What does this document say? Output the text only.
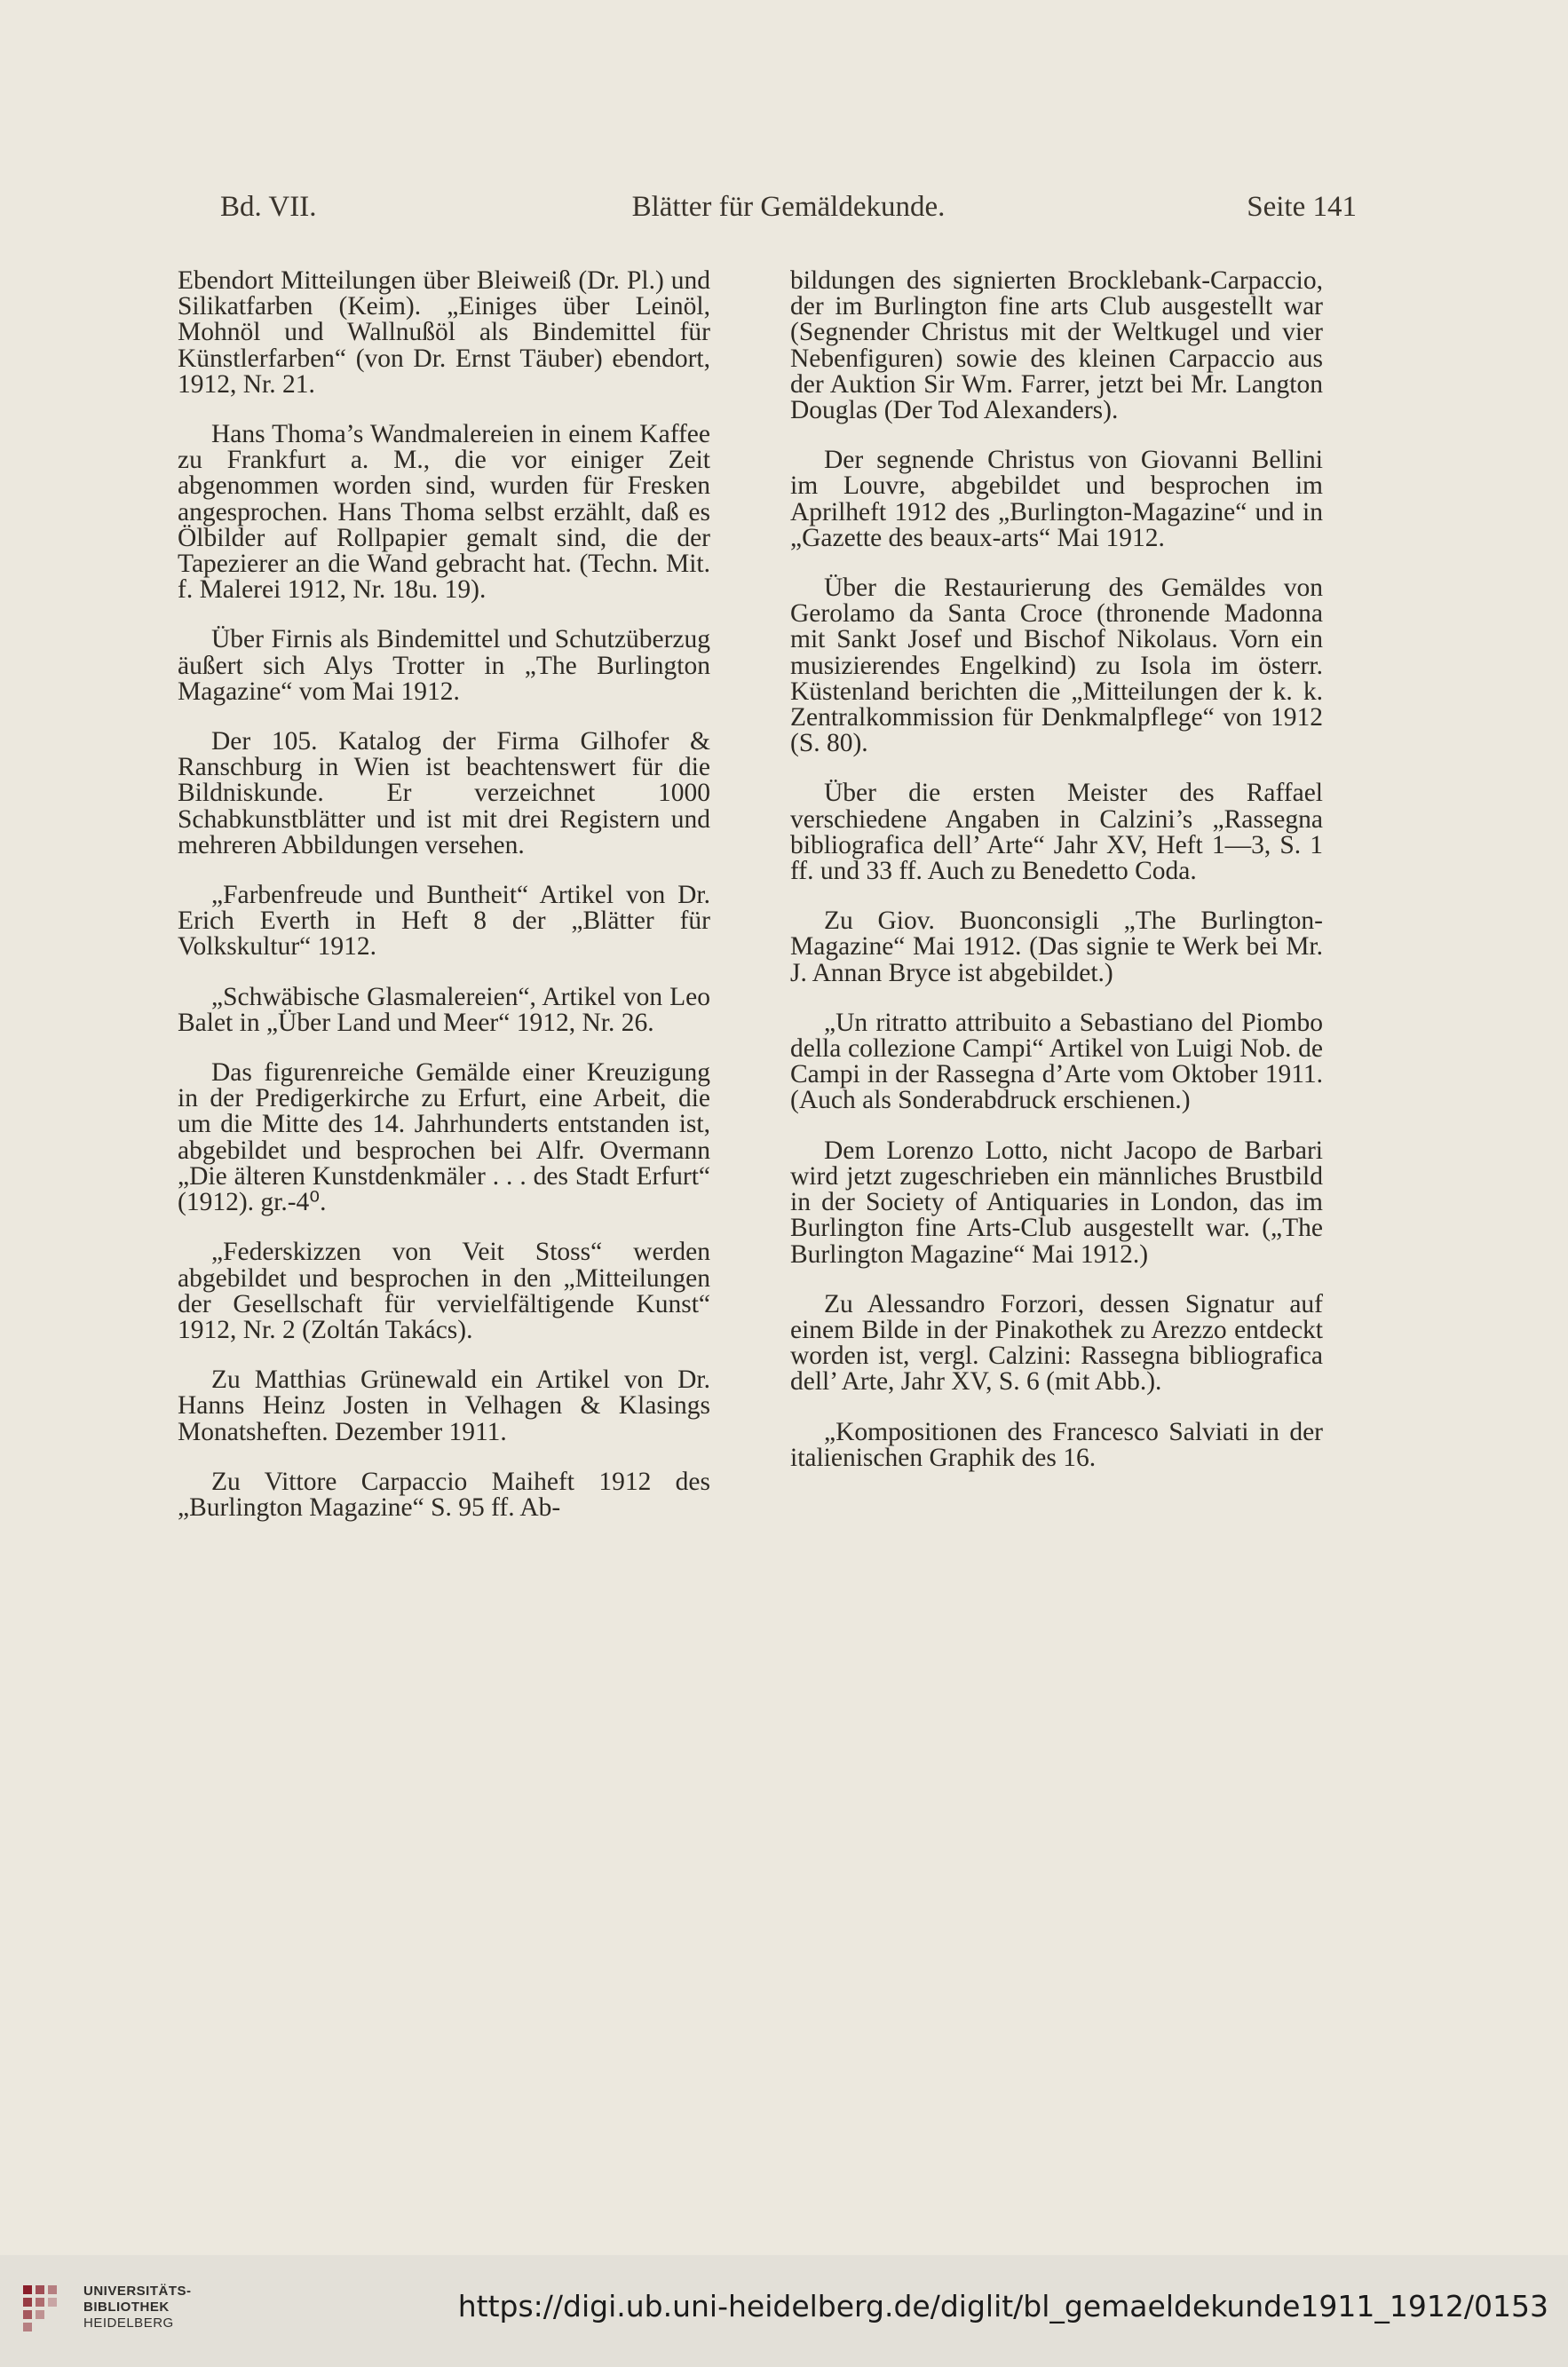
Bd. VII.	Blätter für Gemäldekunde.	Seite 141

Ebendort Mitteilungen über Bleiweiß (Dr. Pl.) und Silikatfarben (Keim). „Einiges über Leinöl, Mohnöl und Wallnußöl als Bindemittel für Künstlerfarben“ (von Dr. Ernst Täuber) ebendort, 1912, Nr. 21.

Hans Thoma’s Wandmalereien in einem Kaffee zu Frankfurt a. M., die vor einiger Zeit abgenommen worden sind, wurden für Fresken angesprochen. Hans Thoma selbst erzählt, daß es Ölbilder auf Rollpapier gemalt sind, die der Tapezierer an die Wand gebracht hat. (Techn. Mit. f. Malerei 1912, Nr. 18u. 19).

Über Firnis als Bindemittel und Schutzüberzug äußert sich Alys Trotter in „The Burlington Magazine“ vom Mai 1912.

Der 105. Katalog der Firma Gilhofer & Ranschburg in Wien ist beachtenswert für die Bildniskunde. Er verzeichnet 1000 Schabkunstblätter und ist mit drei Registern und mehreren Abbildungen versehen.

„Farbenfreude und Buntheit“ Artikel von Dr. Erich Everth in Heft 8 der „Blätter für Volkskultur“ 1912.

„Schwäbische Glasmalereien“, Artikel von Leo Balet in „Über Land und Meer“ 1912, Nr. 26.

Das figurenreiche Gemälde einer Kreuzigung in der Predigerkirche zu Erfurt, eine Arbeit, die um die Mitte des 14. Jahrhunderts entstanden ist, abgebildet und besprochen bei Alfr. Overmann „Die älteren Kunstdenkmäler . . . des Stadt Erfurt“ (1912). gr.-4⁰.

„Federskizzen von Veit Stoss“ werden abgebildet und besprochen in den „Mitteilungen der Gesellschaft für vervielfältigende Kunst“ 1912, Nr. 2 (Zoltán Takács).

Zu Matthias Grünewald ein Artikel von Dr. Hanns Heinz Josten in Velhagen & Klasings Monatsheften. Dezember 1911.

Zu Vittore Carpaccio Maiheft 1912 des „Burlington Magazine“ S. 95 ff. Ab-

bildungen des signierten Brocklebank-Carpaccio, der im Burlington fine arts Club ausgestellt war (Segnender Christus mit der Weltkugel und vier Nebenfiguren) sowie des kleinen Carpaccio aus der Auktion Sir Wm. Farrer, jetzt bei Mr. Langton Douglas (Der Tod Alexanders).

Der segnende Christus von Giovanni Bellini im Louvre, abgebildet und besprochen im Aprilheft 1912 des „Burlington-Magazine“ und in „Gazette des beaux-arts“ Mai 1912.

Über die Restaurierung des Gemäldes von Gerolamo da Santa Croce (thronende Madonna mit Sankt Josef und Bischof Nikolaus. Vorn ein musizierendes Engelkind) zu Isola im österr. Küstenland berichten die „Mitteilungen der k. k. Zentralkommission für Denkmalpflege“ von 1912 (S. 80).

Über die ersten Meister des Raffael verschiedene Angaben in Calzini’s „Rassegna bibliografica dell’ Arte“ Jahr XV, Heft 1—3, S. 1 ff. und 33 ff. Auch zu Benedetto Coda.

Zu Giov. Buonconsigli „The Burlington-Magazine“ Mai 1912. (Das signie te Werk bei Mr. J. Annan Bryce ist abgebildet.)

„Un ritratto attribuito a Sebastiano del Piombo della collezione Campi“ Artikel von Luigi Nob. de Campi in der Rassegna d’Arte vom Oktober 1911. (Auch als Sonderabdruck erschienen.)

Dem Lorenzo Lotto, nicht Jacopo de Barbari wird jetzt zugeschrieben ein männliches Brustbild in der Society of Antiquaries in London, das im Burlington fine Arts-Club ausgestellt war. („The Burlington Magazine“ Mai 1912.)

Zu Alessandro Forzori, dessen Signatur auf einem Bilde in der Pinakothek zu Arezzo entdeckt worden ist, vergl. Calzini: Rassegna bibliografica dell’ Arte, Jahr XV, S. 6 (mit Abb.).

„Kompositionen des Francesco Salviati in der italienischen Graphik des 16.

UNIVERSITÄTS-
BIBLIOTHEK
HEIDELBERG	https://digi.ub.uni-heidelberg.de/diglit/bl_gemaeldekunde1911_1912/0153
